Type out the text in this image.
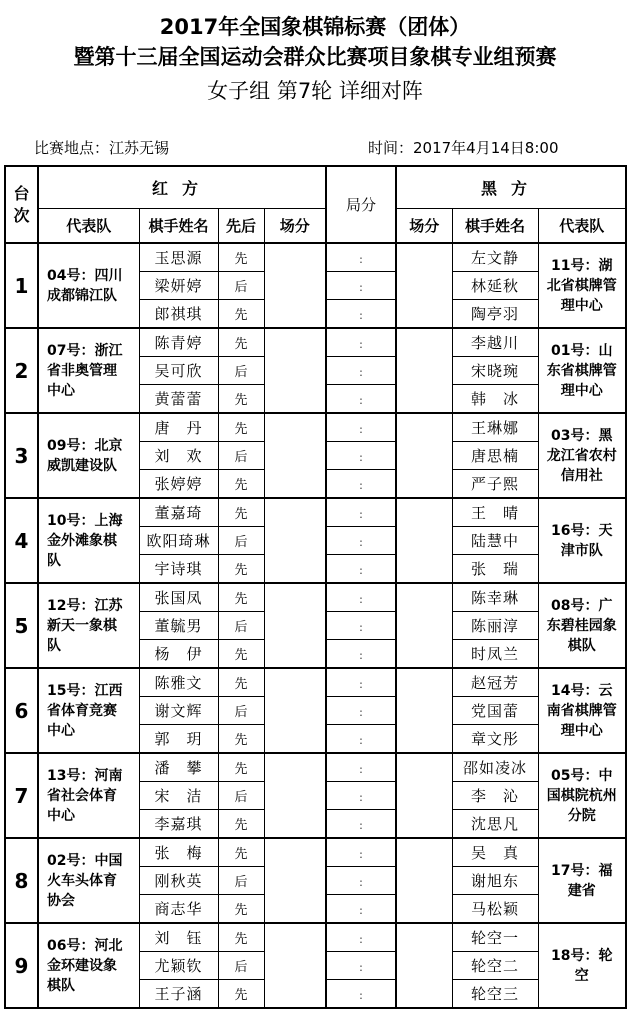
2017年全国象棋锦标赛（团体）
暨第十三届全国运动会群众比赛项目象棋专业组预赛
女子组 第7轮 详细对阵
比赛地点：江苏无锡	时间：2017年4月14日8:00
台次	红方				局分	黑方		
	代表队	棋手姓名	先后	场分		场分	棋手姓名	代表队
1	04号：四川成都锦江队	玉思源	先		:		左文静	11号：湖北省棋牌管理中心

		梁妍婷	后		:		林延秋	
		郎祺琪	先		:		陶亭羽	
2	07号：浙江省非奥管理中心	陈青婷	先		:		李越川	01号：山东省棋牌管理中心

		吴可欣	后		:		宋晓琬	
		黄蕾蕾	先		:		韩　冰	
3	09号：北京威凯建设队	唐　丹	先		:		王琳娜	03号：黑龙江省农村信用社

		刘　欢	后		:		唐思楠	
		张婷婷	先		:		严子熙	
4	10号：上海金外滩象棋队	董嘉琦	先		:		王　晴	16号：天津市队

		欧阳琦琳	后		:		陆慧中	
		宇诗琪	先		:		张　瑞	
5	12号：江苏新天一象棋队	张国凤	先		:		陈幸琳	08号：广东碧桂园象棋队

		董毓男	后		:		陈丽淳	
		杨　伊	先		:		时凤兰	
6	15号：江西省体育竞赛中心	陈雅文	先		:		赵冠芳	14号：云南省棋牌管理中心

		谢文辉	后		:		党国蕾	
		郭　玥	先		:		章文彤	
7	13号：河南省社会体育中心	潘　攀	先		:		邵如凌冰	05号：中国棋院杭州分院

		宋　洁	后		:		李　沁	
		李嘉琪	先		:		沈思凡	
8	02号：中国火车头体育协会	张　梅	先		:		吴　真	17号：福建省

		刚秋英	后		:		谢旭东	
		商志华	先		:		马松颖	
9	06号：河北金环建设象棋队	刘　钰	先		:		轮空一	18号：轮空

		尤颖钦	后		:		轮空二	
		王子涵	先		:		轮空三	
